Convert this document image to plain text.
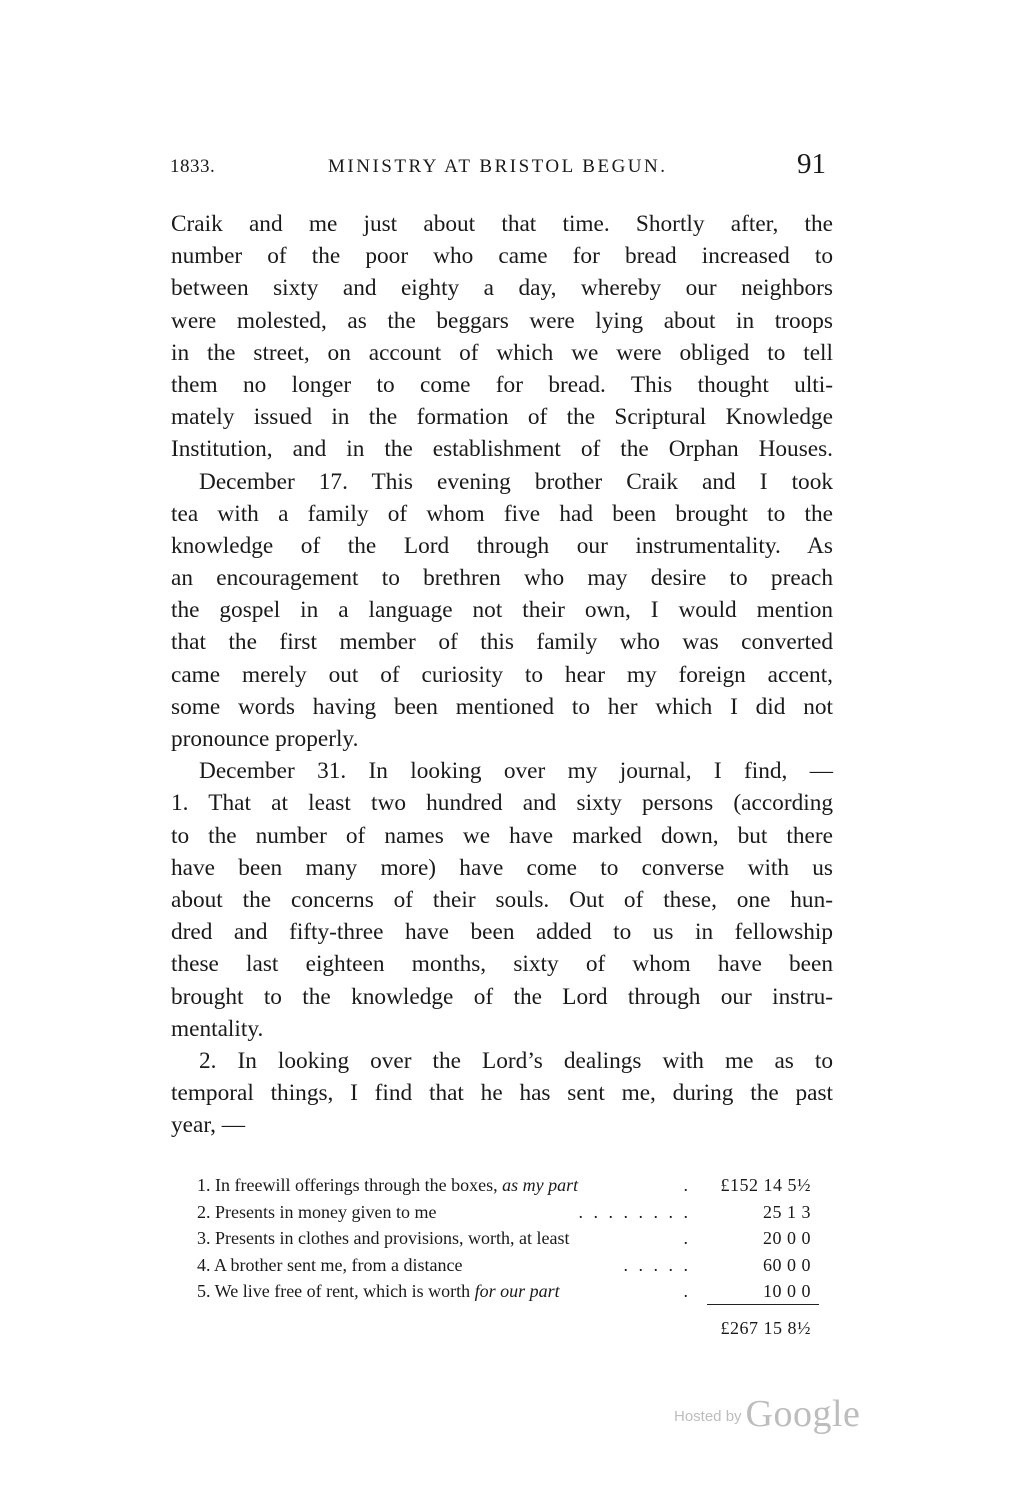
1833.	MINISTRY AT BRISTOL BEGUN.	91
Craik and me just about that time. Shortly after, the
number of the poor who came for bread increased to
between sixty and eighty a day, whereby our neighbors
were molested, as the beggars were lying about in troops
in the street, on account of which we were obliged to tell
them no longer to come for bread. This thought ulti-
mately issued in the formation of the Scriptural Knowledge
Institution, and in the establishment of the Orphan Houses.
December 17. This evening brother Craik and I took
tea with a family of whom five had been brought to the
knowledge of the Lord through our instrumentality. As
an encouragement to brethren who may desire to preach
the gospel in a language not their own, I would mention
that the first member of this family who was converted
came merely out of curiosity to hear my foreign accent,
some words having been mentioned to her which I did not
pronounce properly.
December 31. In looking over my journal, I find, —
1. That at least two hundred and sixty persons (according
to the number of names we have marked down, but there
have been many more) have come to converse with us
about the concerns of their souls. Out of these, one hun-
dred and fifty-three have been added to us in fellowship
these last eighteen months, sixty of whom have been
brought to the knowledge of the Lord through our instru-
mentality.
2. In looking over the Lord’s dealings with me as to
temporal things, I find that he has sent me, during the past
year, —
1. In freewill offerings through the boxes, as my part	.	£152 14 5½
2. Presents in money given to me	. . . . . . . .	25 1 3
3. Presents in clothes and provisions, worth, at least	.	20 0 0
4. A brother sent me, from a distance	. . . . .	60 0 0
5. We live free of rent, which is worth for our part	.	10 0 0
£267 15 8½
Hosted by Google
